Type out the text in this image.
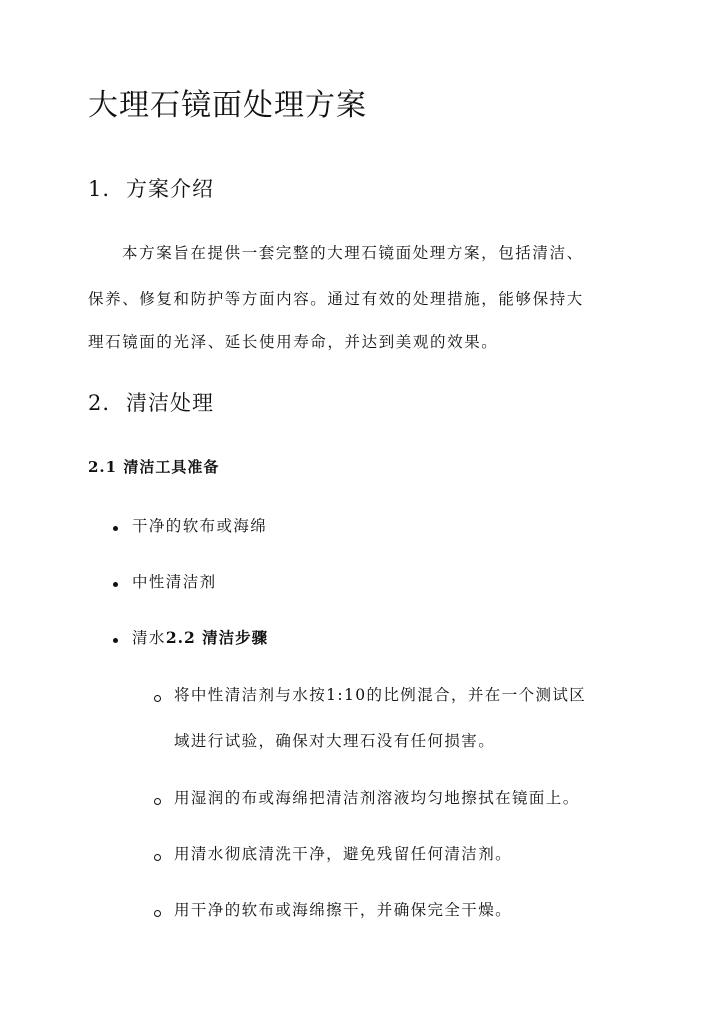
大理石镜面处理方案
1. 方案介绍
本方案旨在提供一套完整的大理石镜面处理方案，包括清洁、
保养、修复和防护等方面内容。通过有效的处理措施，能够保持大
理石镜面的光泽、延长使用寿命，并达到美观的效果。
2. 清洁处理
2.1 清洁工具准备
干净的软布或海绵
中性清洁剂
清水2.2 清洁步骤
将中性清洁剂与水按1:10的比例混合，并在一个测试区
域进行试验，确保对大理石没有任何损害。
用湿润的布或海绵把清洁剂溶液均匀地擦拭在镜面上。
用清水彻底清洗干净，避免残留任何清洁剂。
用干净的软布或海绵擦干，并确保完全干燥。
